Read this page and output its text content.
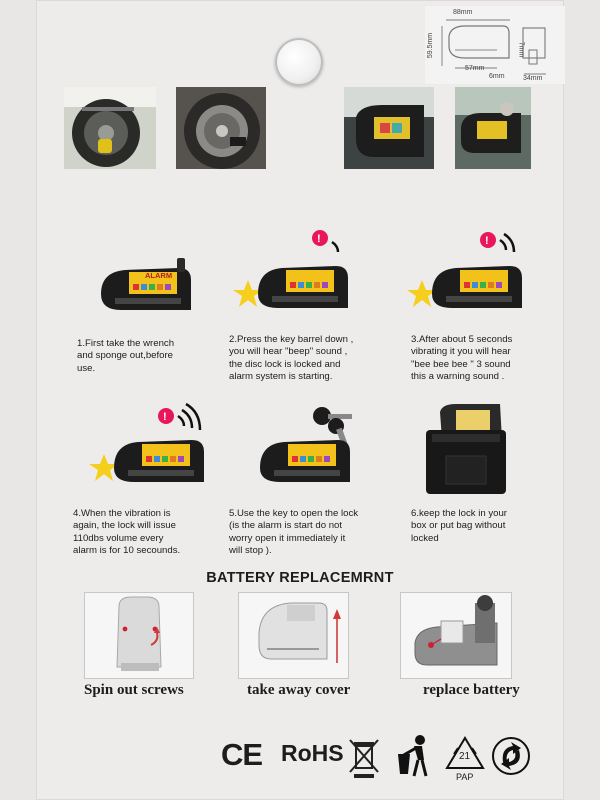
88mm
59.5mm
57mm
6mm
7mm
34mm
ALARM
1.First take the wrench
and sponge out,before
use.
!
2.Press the key barrel down ,
you will hear "beep" sound ,
the disc lock is locked and
alarm system is starting.
!
3.After about 5 seconds
vibrating it you will hear
"bee bee bee " 3 sound
this a warning sound .
!
4.When the vibration is
again, the lock will issue
110dbs volume every
alarm is for 10 secounds.
5.Use the key to open the lock
(is the alarm is start do not
worry open it immediately it
will stop ).
6.keep the lock in your
box or put bag without
locked
BATTERY REPLACEMRNT
Spin out screws	take away cover	replace battery
CE RoHS	21
PAP
